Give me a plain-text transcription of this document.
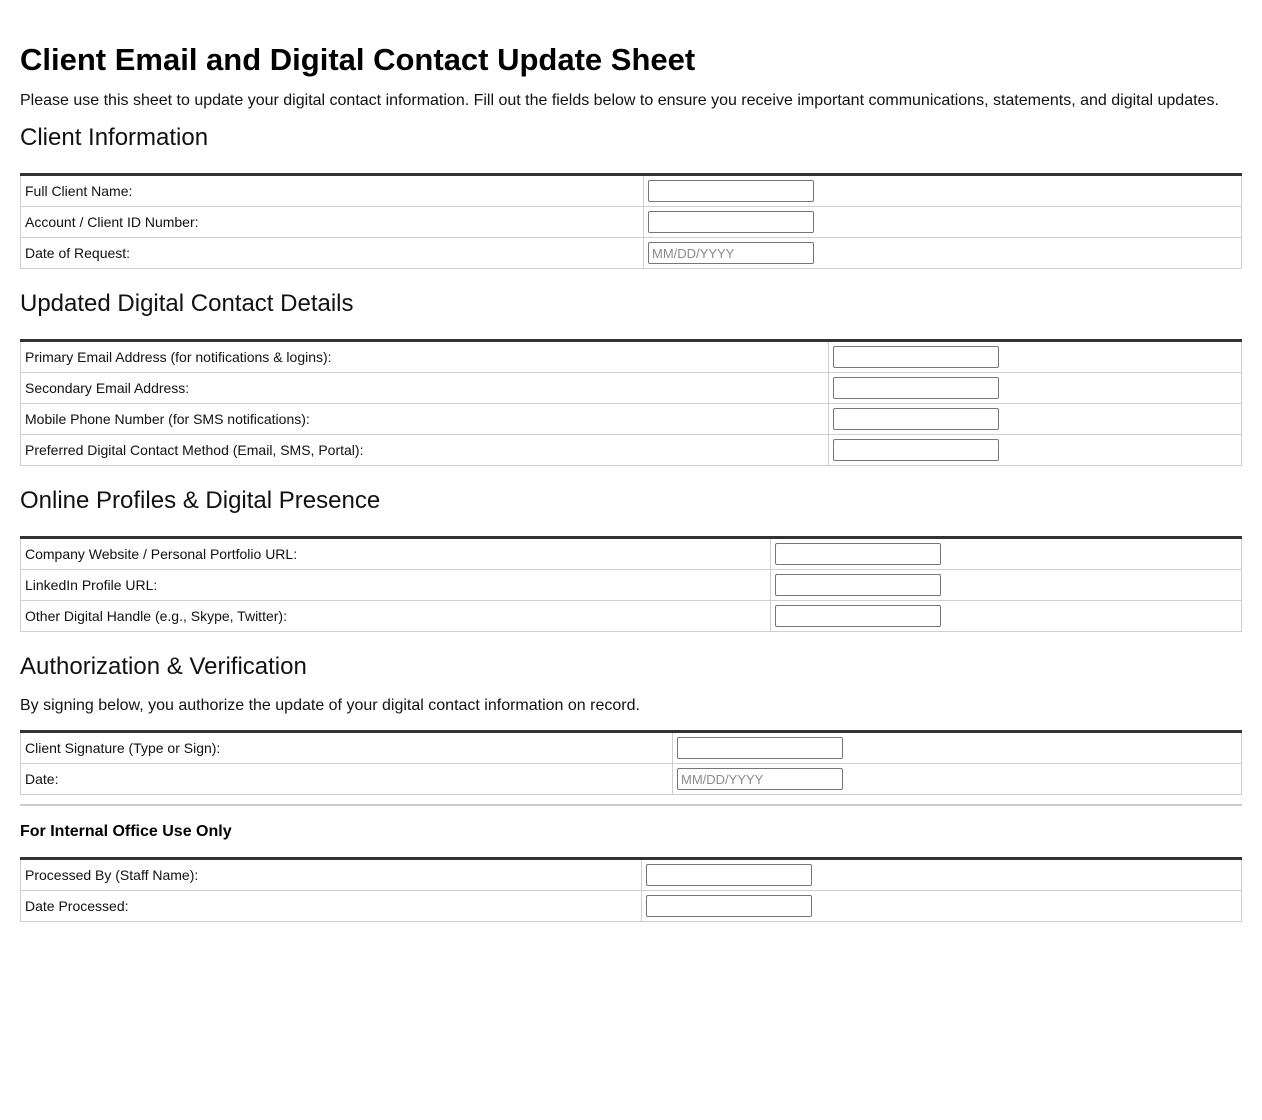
Client Email and Digital Contact Update Sheet

Please use this sheet to update your digital contact information. Fill out the fields below to ensure you receive important communications, statements, and digital updates.

Client Information
Full Client Name:	

Account / Client ID Number:	

Date of Request:	
MM/DD/YYYY
Updated Digital Contact Details
Primary Email Address (for notifications & logins):	

Secondary Email Address:	

Mobile Phone Number (for SMS notifications):	

Preferred Digital Contact Method (Email, SMS, Portal):	
Online Profiles & Digital Presence
Company Website / Personal Portfolio URL:	

LinkedIn Profile URL:	

Other Digital Handle (e.g., Skype, Twitter):	
Authorization & Verification

By signing below, you authorize the update of your digital contact information on record.

Client Signature (Type or Sign):	

Date:	
MM/DD/YYYY

For Internal Office Use Only

Processed By (Staff Name):	

Date Processed:	
